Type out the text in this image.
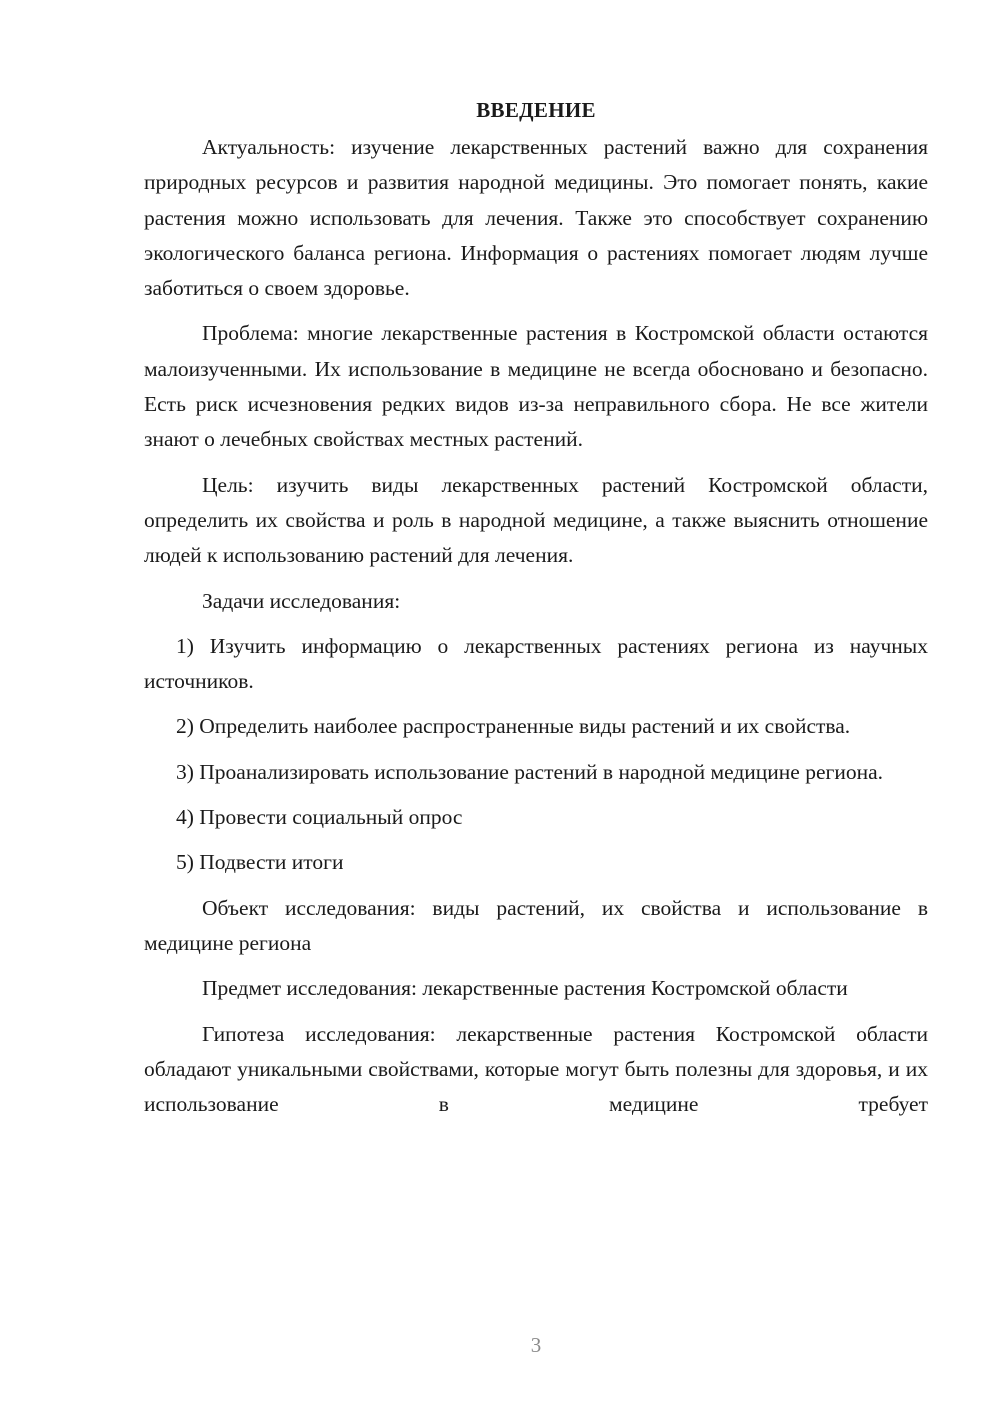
ВВЕДЕНИЕ

Актуальность: изучение лекарственных растений важно для сохранения природных ресурсов и развития народной медицины. Это помогает понять, какие растения можно использовать для лечения. Также это способствует сохранению экологического баланса региона. Информация о растениях помогает людям лучше заботиться о своем здоровье.

Проблема: многие лекарственные растения в Костромской области остаются малоизученными. Их использование в медицине не всегда обосновано и безопасно. Есть риск исчезновения редких видов из-за неправильного сбора. Не все жители знают о лечебных свойствах местных растений.

Цель: изучить виды лекарственных растений Костромской области, определить их свойства и роль в народной медицине, а также выяснить отношение людей к использованию растений для лечения.

Задачи исследования:

1) Изучить информацию о лекарственных растениях региона из научных источников.

2) Определить наиболее распространенные виды растений и их свойства.

3) Проанализировать использование растений в народной медицине региона.

4) Провести социальный опрос

5) Подвести итоги

Объект исследования: виды растений, их свойства и использование в медицине региона

Предмет исследования: лекарственные растения Костромской области

Гипотеза исследования: лекарственные растения Костромской области обладают уникальными свойствами, которые могут быть полезны для здоровья, и их использование в медицине требует

3
